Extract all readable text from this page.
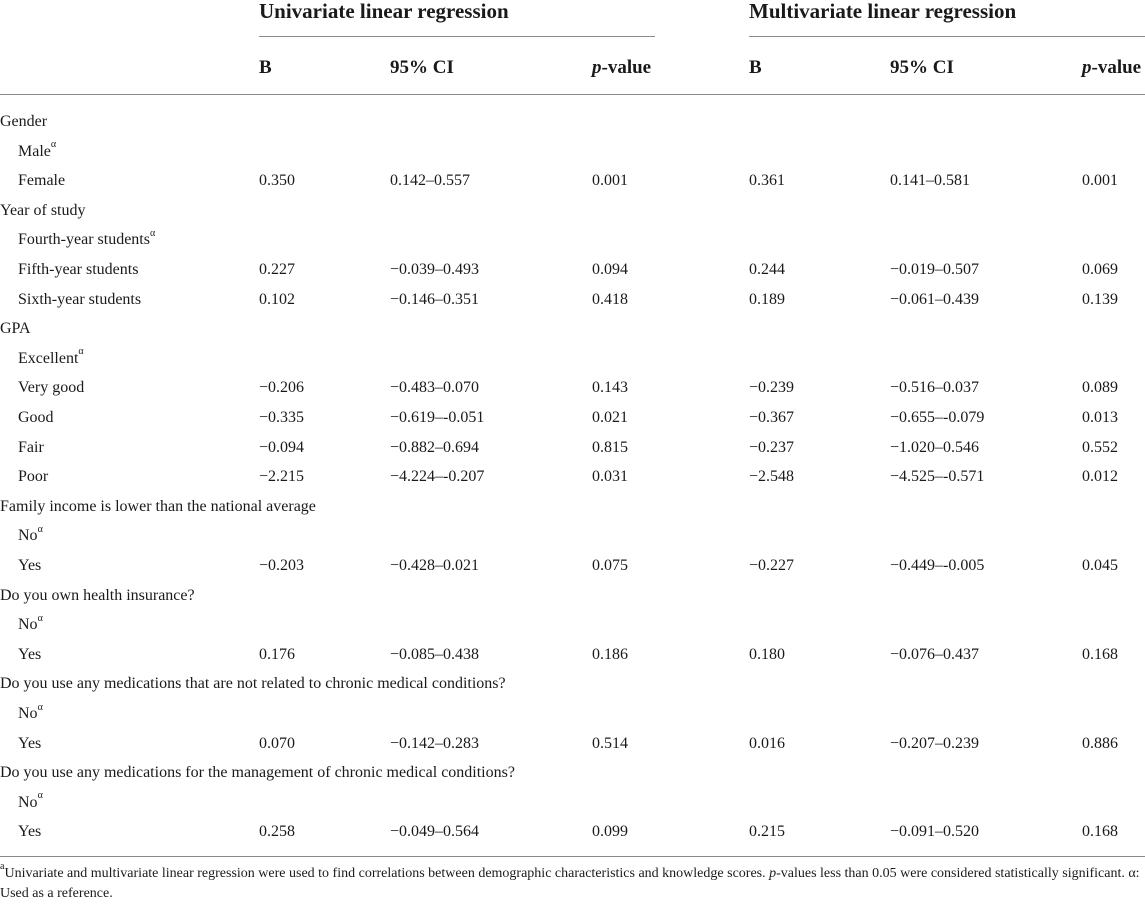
Univariate linear regression	Multivariate linear regression
B	95% CI	p-value	B	95% CI	p-value
Gender
Male$^\alpha$
Female	0.350	0.142–0.557	0.001	0.361	0.141–0.581	0.001
Year of study
Fourth-year students$^\alpha$
Fifth-year students	0.227	−0.039–0.493	0.094	0.244	−0.019–0.507	0.069
Sixth-year students	0.102	−0.146–0.351	0.418	0.189	−0.061–0.439	0.139
GPA
Excellent$^\alpha$
Very good	−0.206	−0.483–0.070	0.143	−0.239	−0.516–0.037	0.089
Good	−0.335	−0.619–-0.051	0.021	−0.367	−0.655–-0.079	0.013
Fair	−0.094	−0.882–0.694	0.815	−0.237	−1.020–0.546	0.552
Poor	−2.215	−4.224–-0.207	0.031	−2.548	−4.525–-0.571	0.012
Family income is lower than the national average
$No^\alpha$
Yes	−0.203	−0.428–0.021	0.075	−0.227	−0.449–-0.005	0.045
Do you own health insurance?
$No^\alpha$
Yes	0.176	−0.085–0.438	0.186	0.180	−0.076–0.437	0.168
Do you use any medications that are not related to chronic medical conditions?
$No^\alpha$
Yes	0.070	−0.142–0.283	0.514	0.016	−0.207–0.239	0.886
Do you use any medications for the management of chronic medical conditions?
$No^\alpha$
Yes	0.258	−0.049–0.564	0.099	0.215	−0.091–0.520	0.168
$^a$Univariate and multivariate linear regression were used to find correlations between demographic characteristics and knowledge scores. p-values less than 0.05 were considered statistically significant. α: Used as a reference.
